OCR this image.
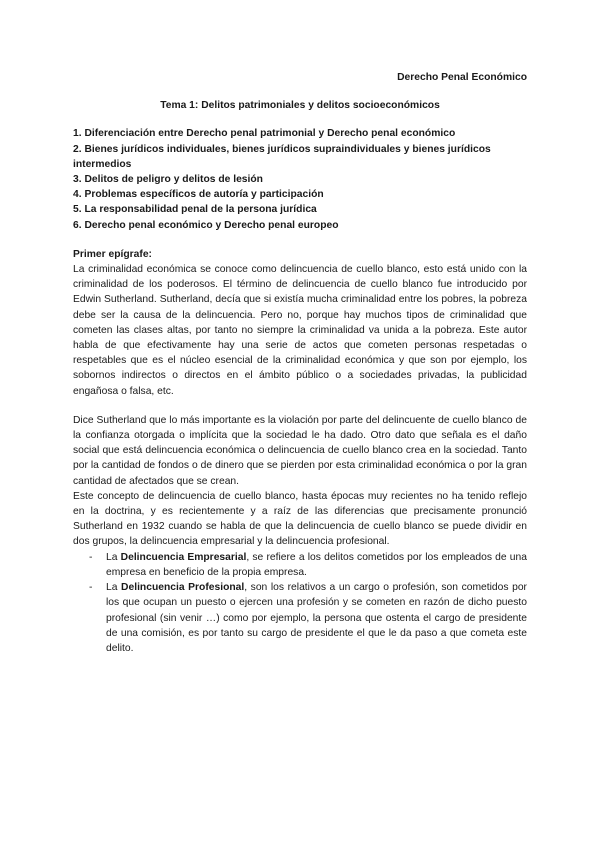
Derecho Penal Económico
Tema 1: Delitos patrimoniales y delitos socioeconómicos
1. Diferenciación entre Derecho penal patrimonial y Derecho penal económico
2. Bienes jurídicos individuales, bienes jurídicos supraindividuales y bienes jurídicos intermedios
3. Delitos de peligro y delitos de lesión
4. Problemas específicos de autoría y participación
5. La responsabilidad penal de la persona jurídica
6. Derecho penal económico y Derecho penal europeo
Primer epígrafe:

La criminalidad económica se conoce como delincuencia de cuello blanco, esto está unido con la criminalidad de los poderosos. El término de delincuencia de cuello blanco fue introducido por Edwin Sutherland. Sutherland, decía que si existía mucha criminalidad entre los pobres, la pobreza debe ser la causa de la delincuencia. Pero no, porque hay muchos tipos de criminalidad que cometen las clases altas, por tanto no siempre la criminalidad va unida a la pobreza. Este autor habla de que efectivamente hay una serie de actos que cometen personas respetadas o respetables que es el núcleo esencial de la criminalidad económica y que son por ejemplo, los sobornos indirectos o directos en el ámbito público o a sociedades privadas, la publicidad engañosa o falsa, etc.

Dice Sutherland que lo más importante es la violación por parte del delincuente de cuello blanco de la confianza otorgada o implícita que la sociedad le ha dado. Otro dato que señala es el daño social que está delincuencia económica o delincuencia de cuello blanco crea en la sociedad. Tanto por la cantidad de fondos o de dinero que se pierden por esta criminalidad económica o por la gran cantidad de afectados que se crean.

Este concepto de delincuencia de cuello blanco, hasta épocas muy recientes no ha tenido reflejo en la doctrina, y es recientemente y a raíz de las diferencias que precisamente pronunció Sutherland en 1932 cuando se habla de que la delincuencia de cuello blanco se puede dividir en dos grupos, la delincuencia empresarial y la delincuencia profesional.

- La Delincuencia Empresarial, se refiere a los delitos cometidos por los empleados de una empresa en beneficio de la propia empresa.
- La Delincuencia Profesional, son los relativos a un cargo o profesión, son cometidos por los que ocupan un puesto o ejercen una profesión y se cometen en razón de dicho puesto profesional (sin venir …) como por ejemplo, la persona que ostenta el cargo de presidente de una comisión, es por tanto su cargo de presidente el que le da paso a que cometa este delito.
